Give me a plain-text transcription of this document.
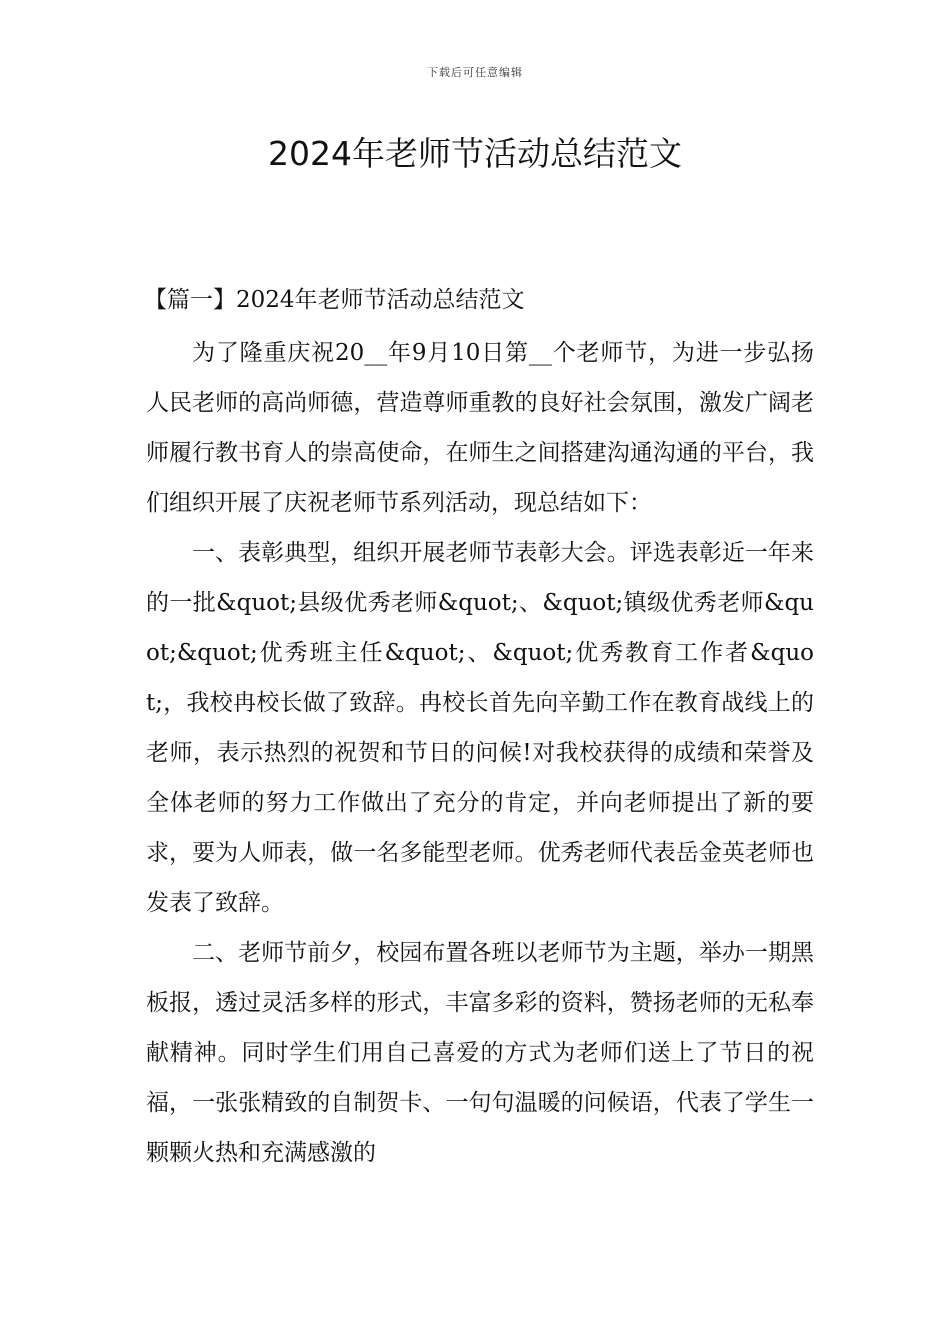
下载后可任意编辑
2024年老师节活动总结范文
【篇一】2024年老师节活动总结范文

为了隆重庆祝20__年9月10日第__个老师节，为进一步弘扬人民老师的高尚师德，营造尊师重教的良好社会氛围，激发广阔老师履行教书育人的崇高使命，在师生之间搭建沟通沟通的平台，我们组织开展了庆祝老师节系列活动，现总结如下：

一、表彰典型，组织开展老师节表彰大会。评选表彰近一年来的一批&quot;县级优秀老师&quot;、&quot;镇级优秀老师&quot;&quot;优秀班主任&quot;、&quot;优秀教育工作者&quot;，我校冉校长做了致辞。冉校长首先向辛勤工作在教育战线上的老师，表示热烈的祝贺和节日的问候!对我校获得的成绩和荣誉及全体老师的努力工作做出了充分的肯定，并向老师提出了新的要求，要为人师表，做一名多能型老师。优秀老师代表岳金英老师也发表了致辞。

二、老师节前夕，校园布置各班以老师节为主题，举办一期黑板报，透过灵活多样的形式，丰富多彩的资料，赞扬老师的无私奉献精神。同时学生们用自己喜爱的方式为老师们送上了节日的祝福，一张张精致的自制贺卡、一句句温暖的问候语，代表了学生一颗颗火热和充满感激的
